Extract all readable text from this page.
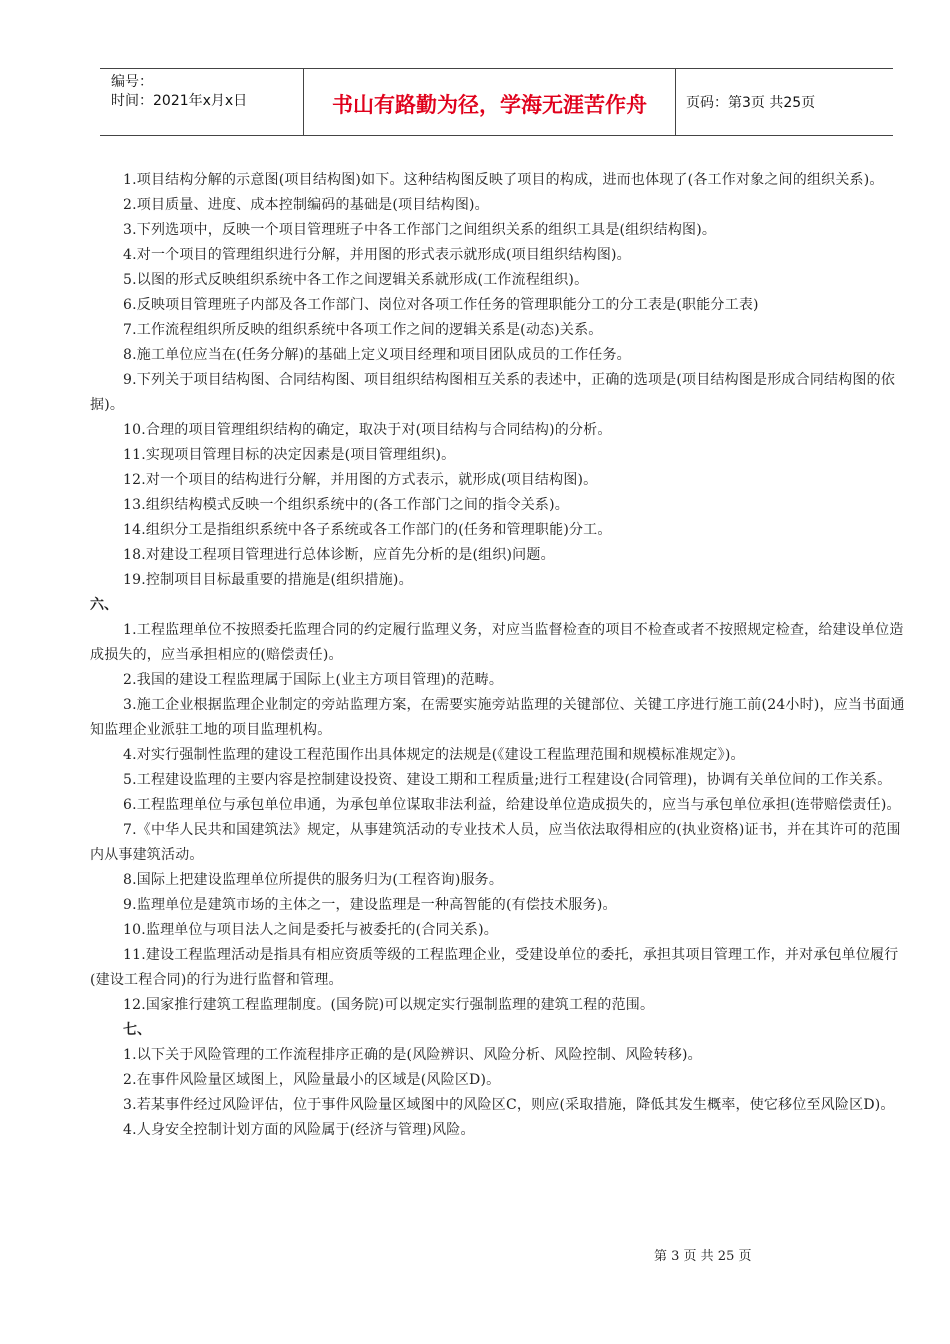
编号：
时间：2021年x月x日	书山有路勤为径，学海无涯苦作舟	页码：第3页 共25页

1.项目结构分解的示意图(项目结构图)如下。这种结构图反映了项目的构成，进而也体现了(各工作对象之间的组织关系)。

2.项目质量、进度、成本控制编码的基础是(项目结构图)。

3.下列选项中，反映一个项目管理班子中各工作部门之间组织关系的组织工具是(组织结构图)。

4.对一个项目的管理组织进行分解，并用图的形式表示就形成(项目组织结构图)。

5.以图的形式反映组织系统中各工作之间逻辑关系就形成(工作流程组织)。

6.反映项目管理班子内部及各工作部门、岗位对各项工作任务的管理职能分工的分工表是(职能分工表)

7.工作流程组织所反映的组织系统中各项工作之间的逻辑关系是(动态)关系。

8.施工单位应当在(任务分解)的基础上定义项目经理和项目团队成员的工作任务。

9.下列关于项目结构图、合同结构图、项目组织结构图相互关系的表述中，正确的选项是(项目结构图是形成合同结构图的依据)。

10.合理的项目管理组织结构的确定，取决于对(项目结构与合同结构)的分析。

11.实现项目管理目标的决定因素是(项目管理组织)。

12.对一个项目的结构进行分解，并用图的方式表示，就形成(项目结构图)。

13.组织结构模式反映一个组织系统中的(各工作部门之间的指令关系)。

14.组织分工是指组织系统中各子系统或各工作部门的(任务和管理职能)分工。

18.对建设工程项目管理进行总体诊断，应首先分析的是(组织)问题。

19.控制项目目标最重要的措施是(组织措施)。

六、

1.工程监理单位不按照委托监理合同的约定履行监理义务，对应当监督检查的项目不检查或者不按照规定检查，给建设单位造成损失的，应当承担相应的(赔偿责任)。

2.我国的建设工程监理属于国际上(业主方项目管理)的范畴。

3.施工企业根据监理企业制定的旁站监理方案，在需要实施旁站监理的关键部位、关键工序进行施工前(24小时)，应当书面通知监理企业派驻工地的项目监理机构。

4.对实行强制性监理的建设工程范围作出具体规定的法规是(《建设工程监理范围和规模标准规定》)。

5.工程建设监理的主要内容是控制建设投资、建设工期和工程质量;进行工程建设(合同管理)，协调有关单位间的工作关系。

6.工程监理单位与承包单位串通，为承包单位谋取非法利益，给建设单位造成损失的，应当与承包单位承担(连带赔偿责任)。

7.《中华人民共和国建筑法》规定，从事建筑活动的专业技术人员，应当依法取得相应的(执业资格)证书，并在其许可的范围内从事建筑活动。

8.国际上把建设监理单位所提供的服务归为(工程咨询)服务。

9.监理单位是建筑市场的主体之一，建设监理是一种高智能的(有偿技术服务)。

10.监理单位与项目法人之间是委托与被委托的(合同关系)。

11.建设工程监理活动是指具有相应资质等级的工程监理企业，受建设单位的委托，承担其项目管理工作，并对承包单位履行(建设工程合同)的行为进行监督和管理。

12.国家推行建筑工程监理制度。(国务院)可以规定实行强制监理的建筑工程的范围。

七、

1.以下关于风险管理的工作流程排序正确的是(风险辨识、风险分析、风险控制、风险转移)。

2.在事件风险量区域图上，风险量最小的区域是(风险区D)。

3.若某事件经过风险评估，位于事件风险量区域图中的风险区C，则应(采取措施，降低其发生概率，使它移位至风险区D)。

4.人身安全控制计划方面的风险属于(经济与管理)风险。

第 3 页 共 25 页
